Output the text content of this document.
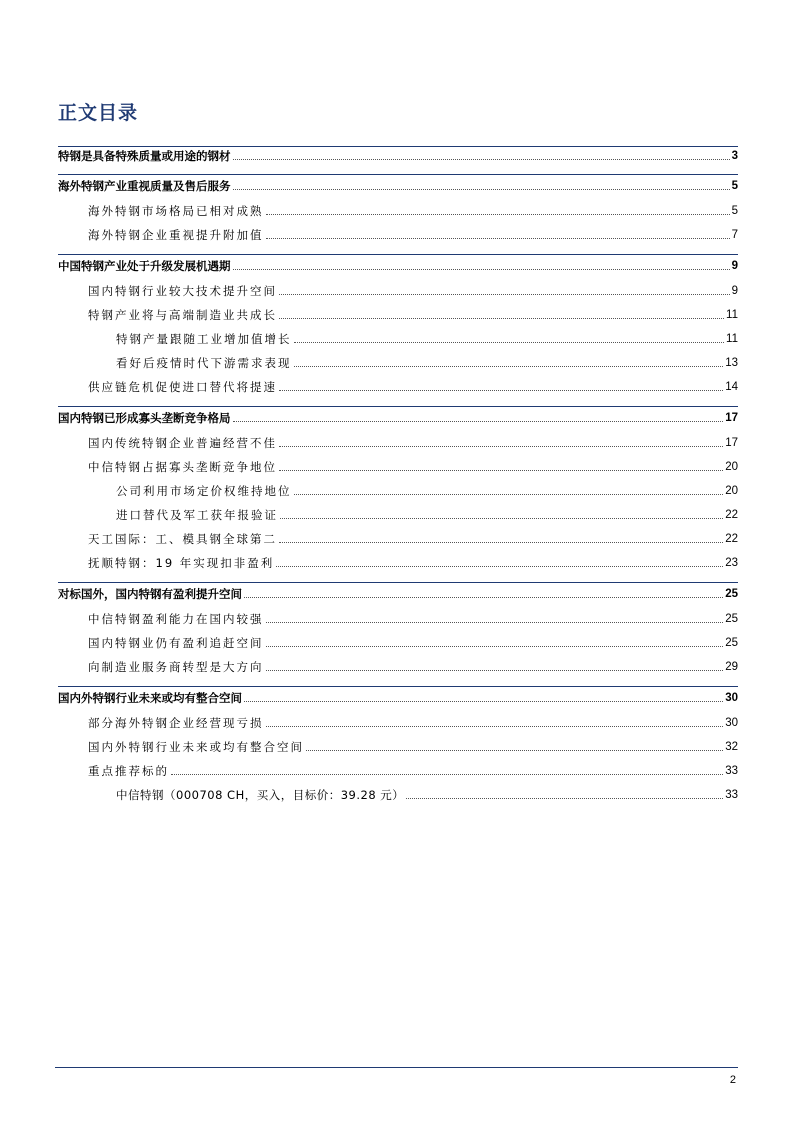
正文目录
特钢是具备特殊质量或用途的钢材	3
海外特钢产业重视质量及售后服务	5
海外特钢市场格局已相对成熟	5
海外特钢企业重视提升附加值	7
中国特钢产业处于升级发展机遇期	9
国内特钢行业较大技术提升空间	9
特钢产业将与高端制造业共成长	11
特钢产量跟随工业增加值增长	11
看好后疫情时代下游需求表现	13
供应链危机促使进口替代将提速	14
国内特钢已形成寡头垄断竞争格局	17
国内传统特钢企业普遍经营不佳	17
中信特钢占据寡头垄断竞争地位	20
公司利用市场定价权维持地位	20
进口替代及军工获年报验证	22
天工国际：工、模具钢全球第二	22
抚顺特钢：19 年实现扣非盈利	23
对标国外，国内特钢有盈利提升空间	25
中信特钢盈利能力在国内较强	25
国内特钢业仍有盈利追赶空间	25
向制造业服务商转型是大方向	29
国内外特钢行业未来或均有整合空间	30
部分海外特钢企业经营现亏损	30
国内外特钢行业未来或均有整合空间	32
重点推荐标的	33
中信特钢（000708 CH，买入，目标价：39.28 元）	33
2
